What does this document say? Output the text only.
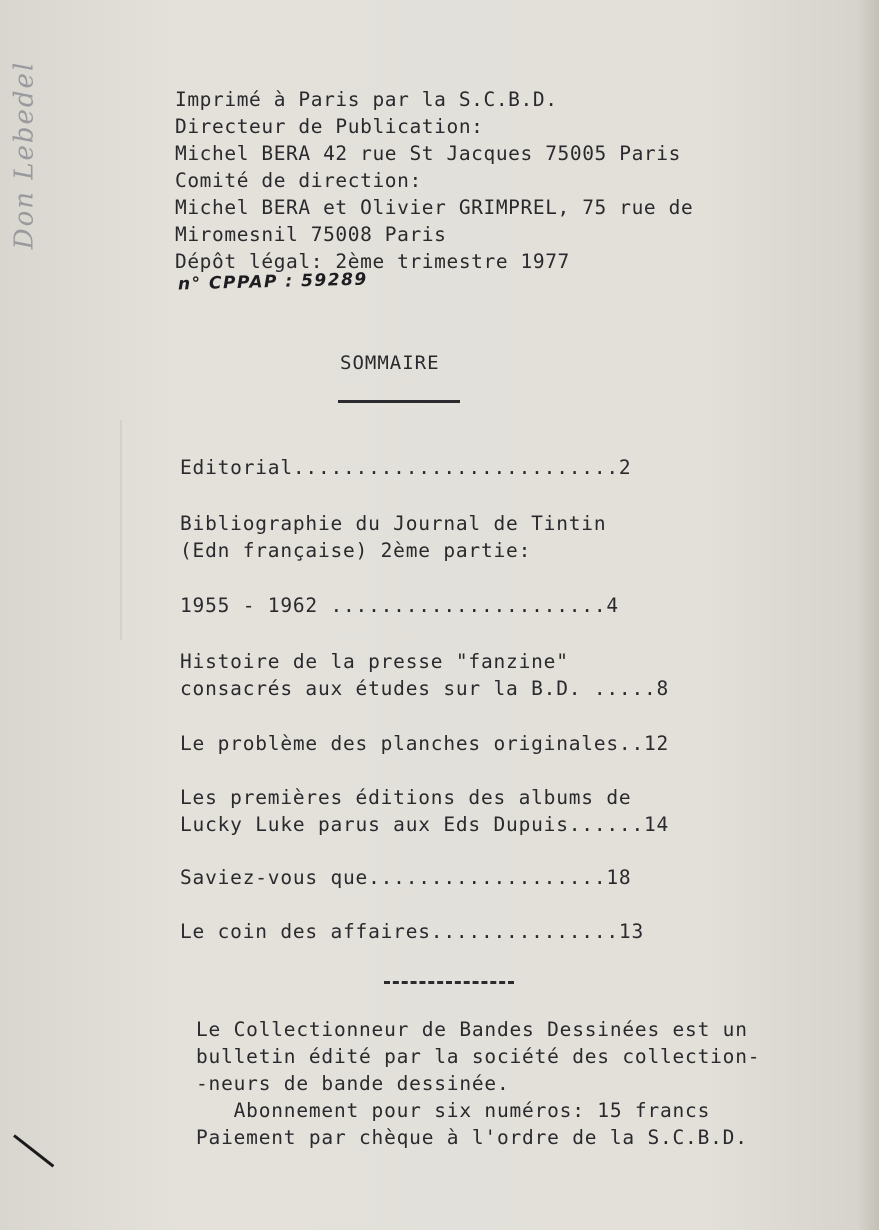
Don Lebedel	Imprimé à Paris par la S.C.B.D.
Directeur de Publication:
Michel BERA 42 rue St Jacques 75005 Paris
Comité de direction:
Michel BERA et Olivier GRIMPREL, 75 rue de
Miromesnil 75008 Paris
Dépôt légal: 2ème trimestre 1977
n° CPPAP : 59289
SOMMAIRE
Editorial..........................2
Bibliographie du Journal de Tintin
(Edn française) 2ème partie:
1955 - 1962 ......................4
Histoire de la presse "fanzine"
consacrés aux études sur la B.D. .....8
Le problème des planches originales..12
Les premières éditions des albums de
Lucky Luke parus aux Eds Dupuis......14
Saviez-vous que...................18
Le coin des affaires...............13
Le Collectionneur de Bandes Dessinées est un
bulletin édité par la société des collection-
-neurs de bande dessinée.
Abonnement pour six numéros: 15 francs
Paiement par chèque à l'ordre de la S.C.B.D.
